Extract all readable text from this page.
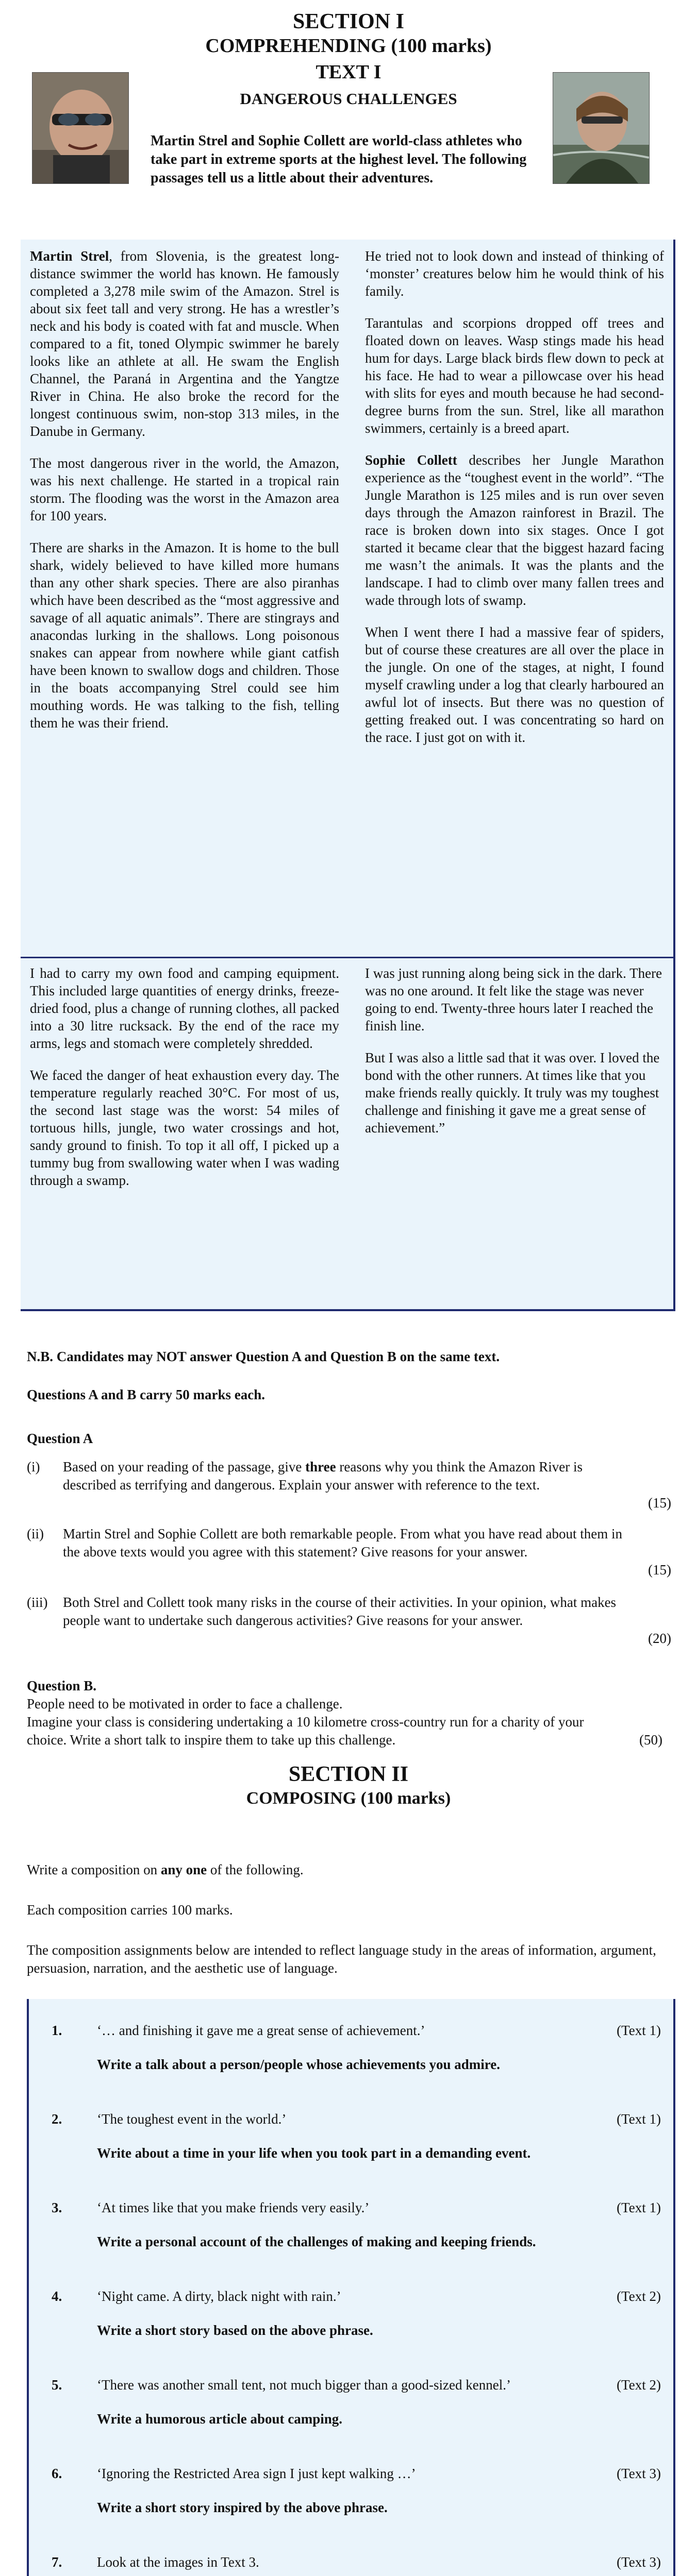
SECTION I
COMPREHENDING (100 marks)
TEXT I
DANGEROUS CHALLENGES
Martin Strel and Sophie Collett are world-class athletes who take part in extreme sports at the highest level. The following passages tell us a little about their adventures.

Martin Strel, from Slovenia, is the greatest long-distance swimmer the world has known. He famously completed a 3,278 mile swim of the Amazon. Strel is about six feet tall and very strong. He has a wrestler’s neck and his body is coated with fat and muscle. When compared to a fit, toned Olympic swimmer he barely looks like an athlete at all. He swam the English Channel, the Paraná in Argentina and the Yangtze River in China. He also broke the record for the longest continuous swim, non-stop 313 miles, in the Danube in Germany.

The most dangerous river in the world, the Amazon, was his next challenge. He started in a tropical rain storm. The flooding was the worst in the Amazon area for 100 years.

There are sharks in the Amazon. It is home to the bull shark, widely believed to have killed more humans than any other shark species. There are also piranhas which have been described as the “most aggressive and savage of all aquatic animals”. There are stingrays and anacondas lurking in the shallows. Long poisonous snakes can appear from nowhere while giant catfish have been known to swallow dogs and children. Those in the boats accompanying Strel could see him mouthing words. He was talking to the fish, telling them he was their friend.

He tried not to look down and instead of thinking of ‘monster’ creatures below him he would think of his family.

Tarantulas and scorpions dropped off trees and floated down on leaves. Wasp stings made his head hum for days. Large black birds flew down to peck at his face. He had to wear a pillowcase over his head with slits for eyes and mouth because he had second-degree burns from the sun. Strel, like all marathon swimmers, certainly is a breed apart.

Sophie Collett describes her Jungle Marathon experience as the “toughest event in the world”. “The Jungle Marathon is 125 miles and is run over seven days through the Amazon rainforest in Brazil. The race is broken down into six stages. Once I got started it became clear that the biggest hazard facing me wasn’t the animals. It was the plants and the landscape. I had to climb over many fallen trees and wade through lots of swamp.

When I went there I had a massive fear of spiders, but of course these creatures are all over the place in the jungle. On one of the stages, at night, I found myself crawling under a log that clearly harboured an awful lot of insects. But there was no question of getting freaked out. I was concentrating so hard on the race. I just got on with it.

I had to carry my own food and camping equipment. This included large quantities of energy drinks, freeze-dried food, plus a change of running clothes, all packed into a 30 litre rucksack. By the end of the race my arms, legs and stomach were completely shredded.

We faced the danger of heat exhaustion every day. The temperature regularly reached 30°C. For most of us, the second last stage was the worst: 54 miles of tortuous hills, jungle, two water crossings and hot, sandy ground to finish. To top it all off, I picked up a tummy bug from swallowing water when I was wading through a swamp.

I was just running along being sick in the dark. There was no one around. It felt like the stage was never going to end. Twenty-three hours later I reached the finish line.

But I was also a little sad that it was over. I loved the bond with the other runners. At times like that you make friends really quickly. It truly was my toughest challenge and finishing it gave me a great sense of achievement.”

N.B. Candidates may NOT answer Question A and Question B on the same text.
Questions A and B carry 50 marks each.
Question A
(i) Based on your reading of the passage, give three reasons why you think the Amazon River is described as terrifying and dangerous. Explain your answer with reference to the text.
(15)
(ii) Martin Strel and Sophie Collett are both remarkable people. From what you have read about them in the above texts would you agree with this statement? Give reasons for your answer.
(15)
(iii) Both Strel and Collett took many risks in the course of their activities. In your opinion, what makes people want to undertake such dangerous activities? Give reasons for your answer.
(20)
Question B.
People need to be motivated in order to face a challenge.
Imagine your class is considering undertaking a 10 kilometre cross-country run for a charity of your choice. Write a short talk to inspire them to take up this challenge.	(50)
SECTION II
COMPOSING (100 marks)
Write a composition on any one of the following.
Each composition carries 100 marks.
The composition assignments below are intended to reflect language study in the areas of information, argument, persuasion, narration, and the aesthetic use of language.
1.	‘… and finishing it gave me a great sense of achievement.’	(Text 1)
Write a talk about a person/people whose achievements you admire.
2.	‘The toughest event in the world.’	(Text 1)
Write about a time in your life when you took part in a demanding event.
3.	‘At times like that you make friends very easily.’	(Text 1)
Write a personal account of the challenges of making and keeping friends.
4.	‘Night came. A dirty, black night with rain.’	(Text 2)
Write a short story based on the above phrase.
5.	‘There was another small tent, not much bigger than a good-sized kennel.’	(Text 2)
Write a humorous article about camping.
6.	‘Ignoring the Restricted Area sign I just kept walking …’	(Text 3)
Write a short story inspired by the above phrase.
7.	Look at the images in Text 3.	(Text 3)
